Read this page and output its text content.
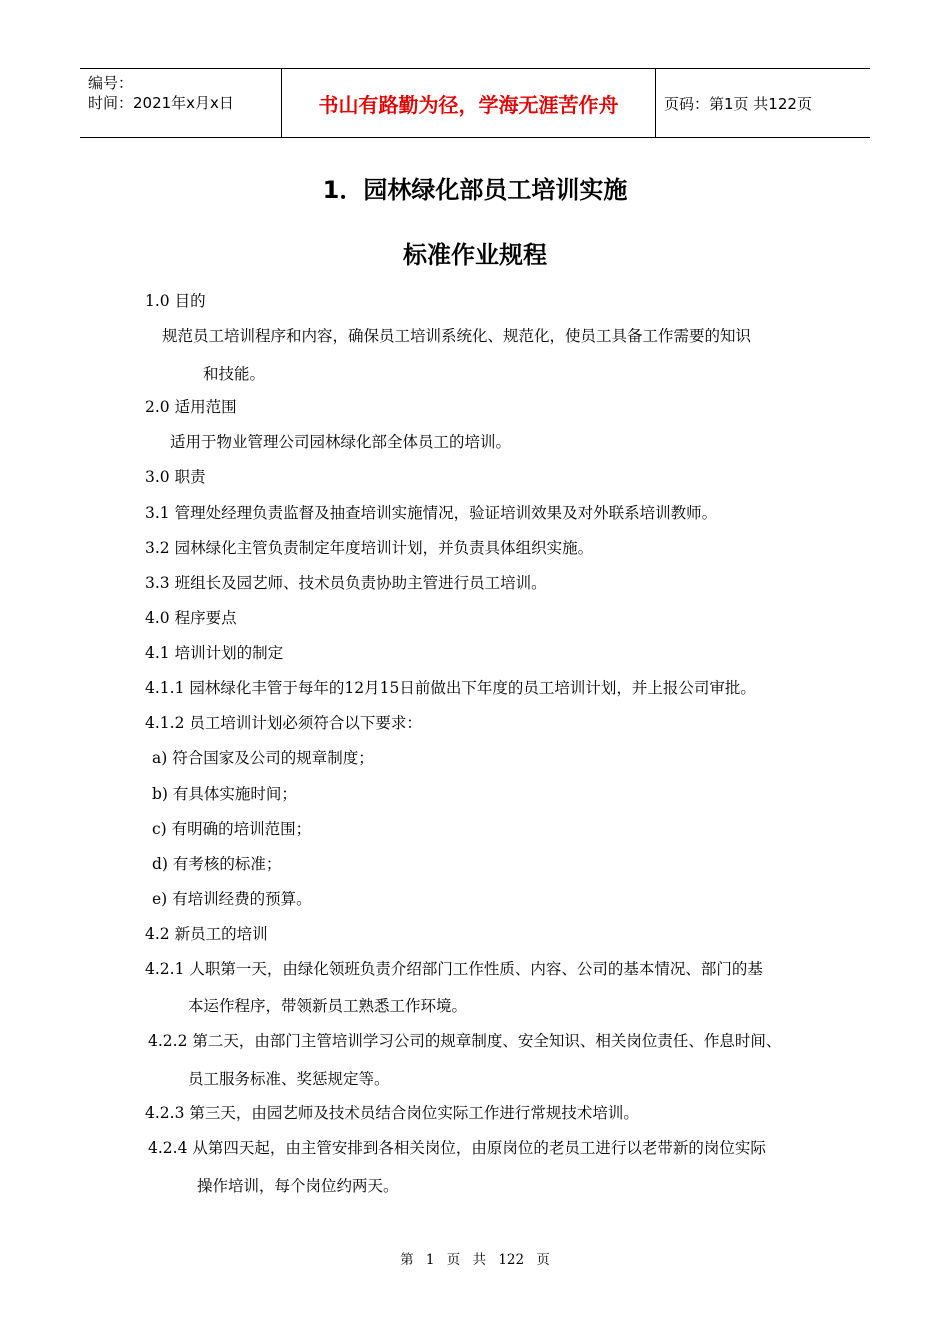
编号：
时间：2021年x月x日	书山有路勤为径，学海无涯苦作舟	页码：第1页 共122页
1．园林绿化部员工培训实施
标准作业规程
1.0 目的
规范员工培训程序和内容，确保员工培训系统化、规范化，使员工具备工作需要的知识
和技能。
2.0 适用范围
适用于物业管理公司园林绿化部全体员工的培训。
3.0 职责
3.1 管理处经理负责监督及抽查培训实施情况，验证培训效果及对外联系培训教师。
3.2 园林绿化主管负责制定年度培训计划，并负责具体组织实施。
3.3 班组长及园艺师、技术员负责协助主管进行员工培训。
4.0 程序要点
4.1 培训计划的制定
4.1.1 园林绿化丰管于每年的12月15日前做出下年度的员工培训计划，并上报公司审批。
4.1.2 员工培训计划必须符合以下要求：
a) 符合国家及公司的规章制度；
b) 有具体实施时间；
c) 有明确的培训范围；
d) 有考核的标准；
e) 有培训经费的预算。
4.2 新员工的培训
4.2.1 人职第一天，由绿化领班负责介绍部门工作性质、内容、公司的基本情况、部门的基
本运作程序，带领新员工熟悉工作环境。
4.2.2 第二天，由部门主管培训学习公司的规章制度、安全知识、相关岗位责任、作息时间、
员工服务标准、奖惩规定等。
4.2.3 第三天，由园艺师及技术员结合岗位实际工作进行常规技术培训。
4.2.4 从第四天起，由主管安排到各相关岗位，由原岗位的老员工进行以老带新的岗位实际
操作培训，每个岗位约两天。
第 1 页 共 122 页
